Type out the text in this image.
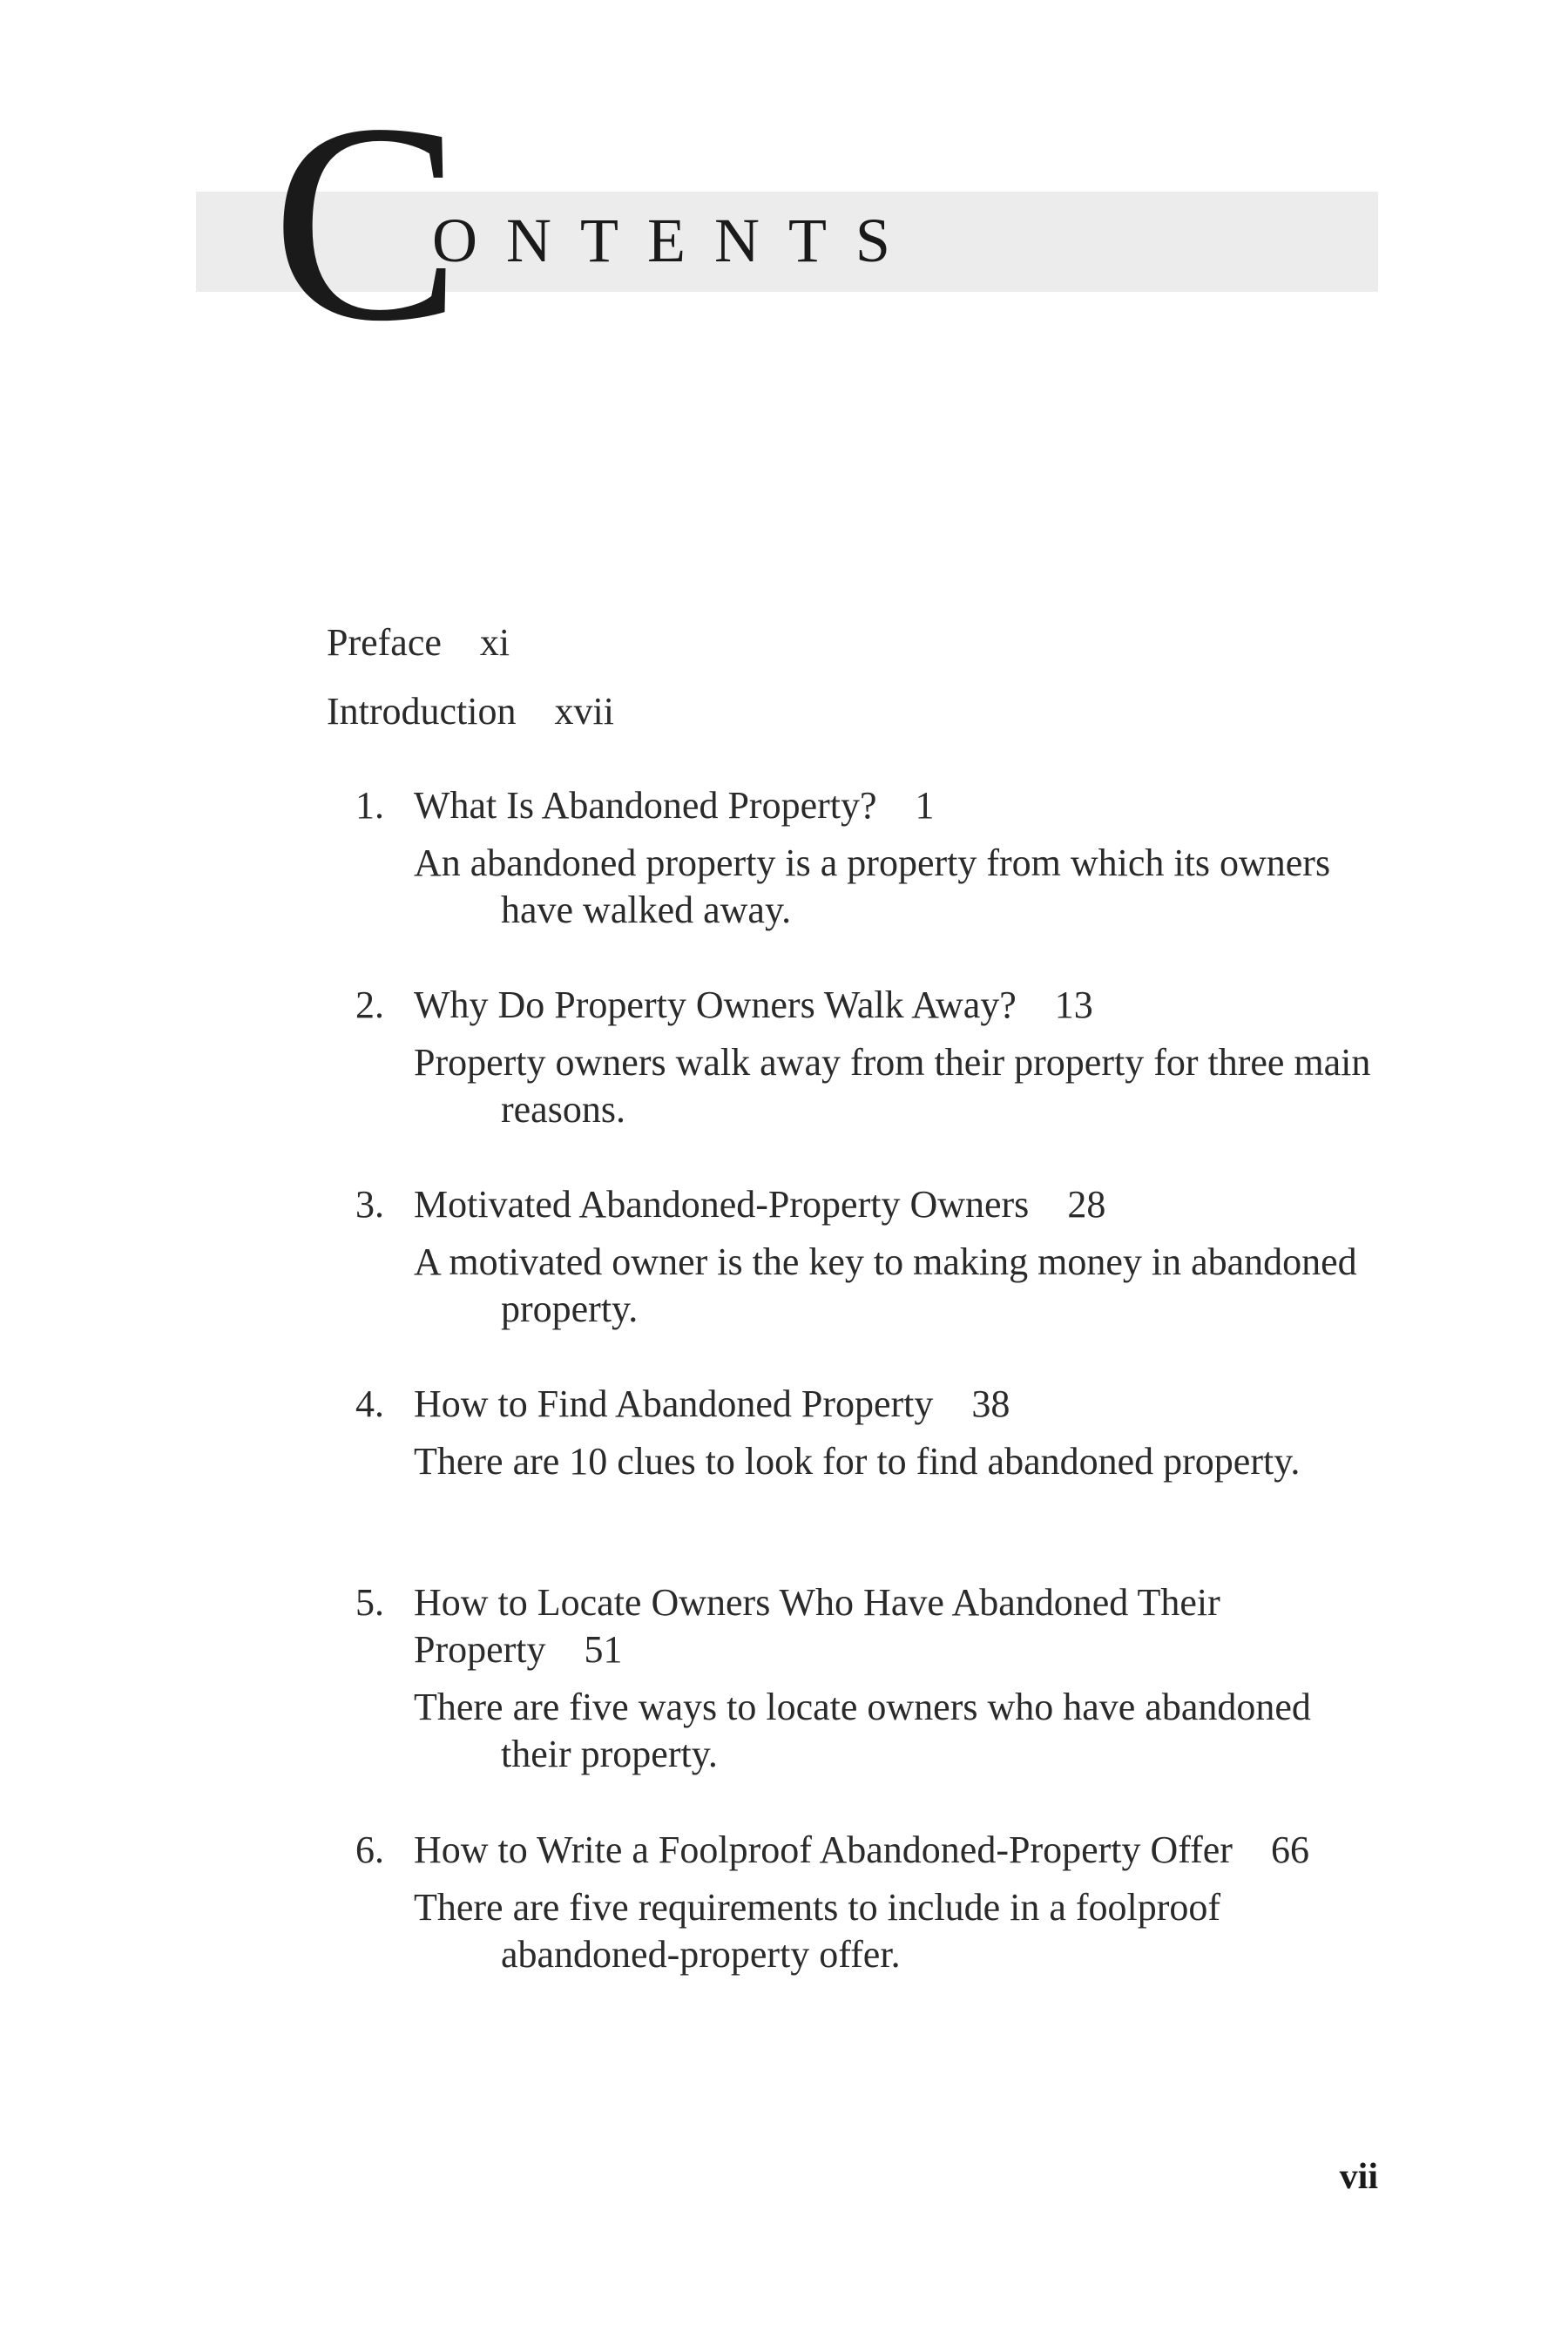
C
ONTENTS
Preface xi
Introduction xvii
1. What Is Abandoned Property? 1
An abandoned property is a property from which its owners have walked away.
2. Why Do Property Owners Walk Away? 13
Property owners walk away from their property for three main reasons.
3. Motivated Abandoned-Property Owners 28
A motivated owner is the key to making money in abandoned property.
4. How to Find Abandoned Property 38
There are 10 clues to look for to find abandoned property.
5. How to Locate Owners Who Have Abandoned Their Property 51
There are five ways to locate owners who have abandoned their property.
6. How to Write a Foolproof Abandoned-Property Offer 66
There are five requirements to include in a foolproof abandoned-property offer.
vii
